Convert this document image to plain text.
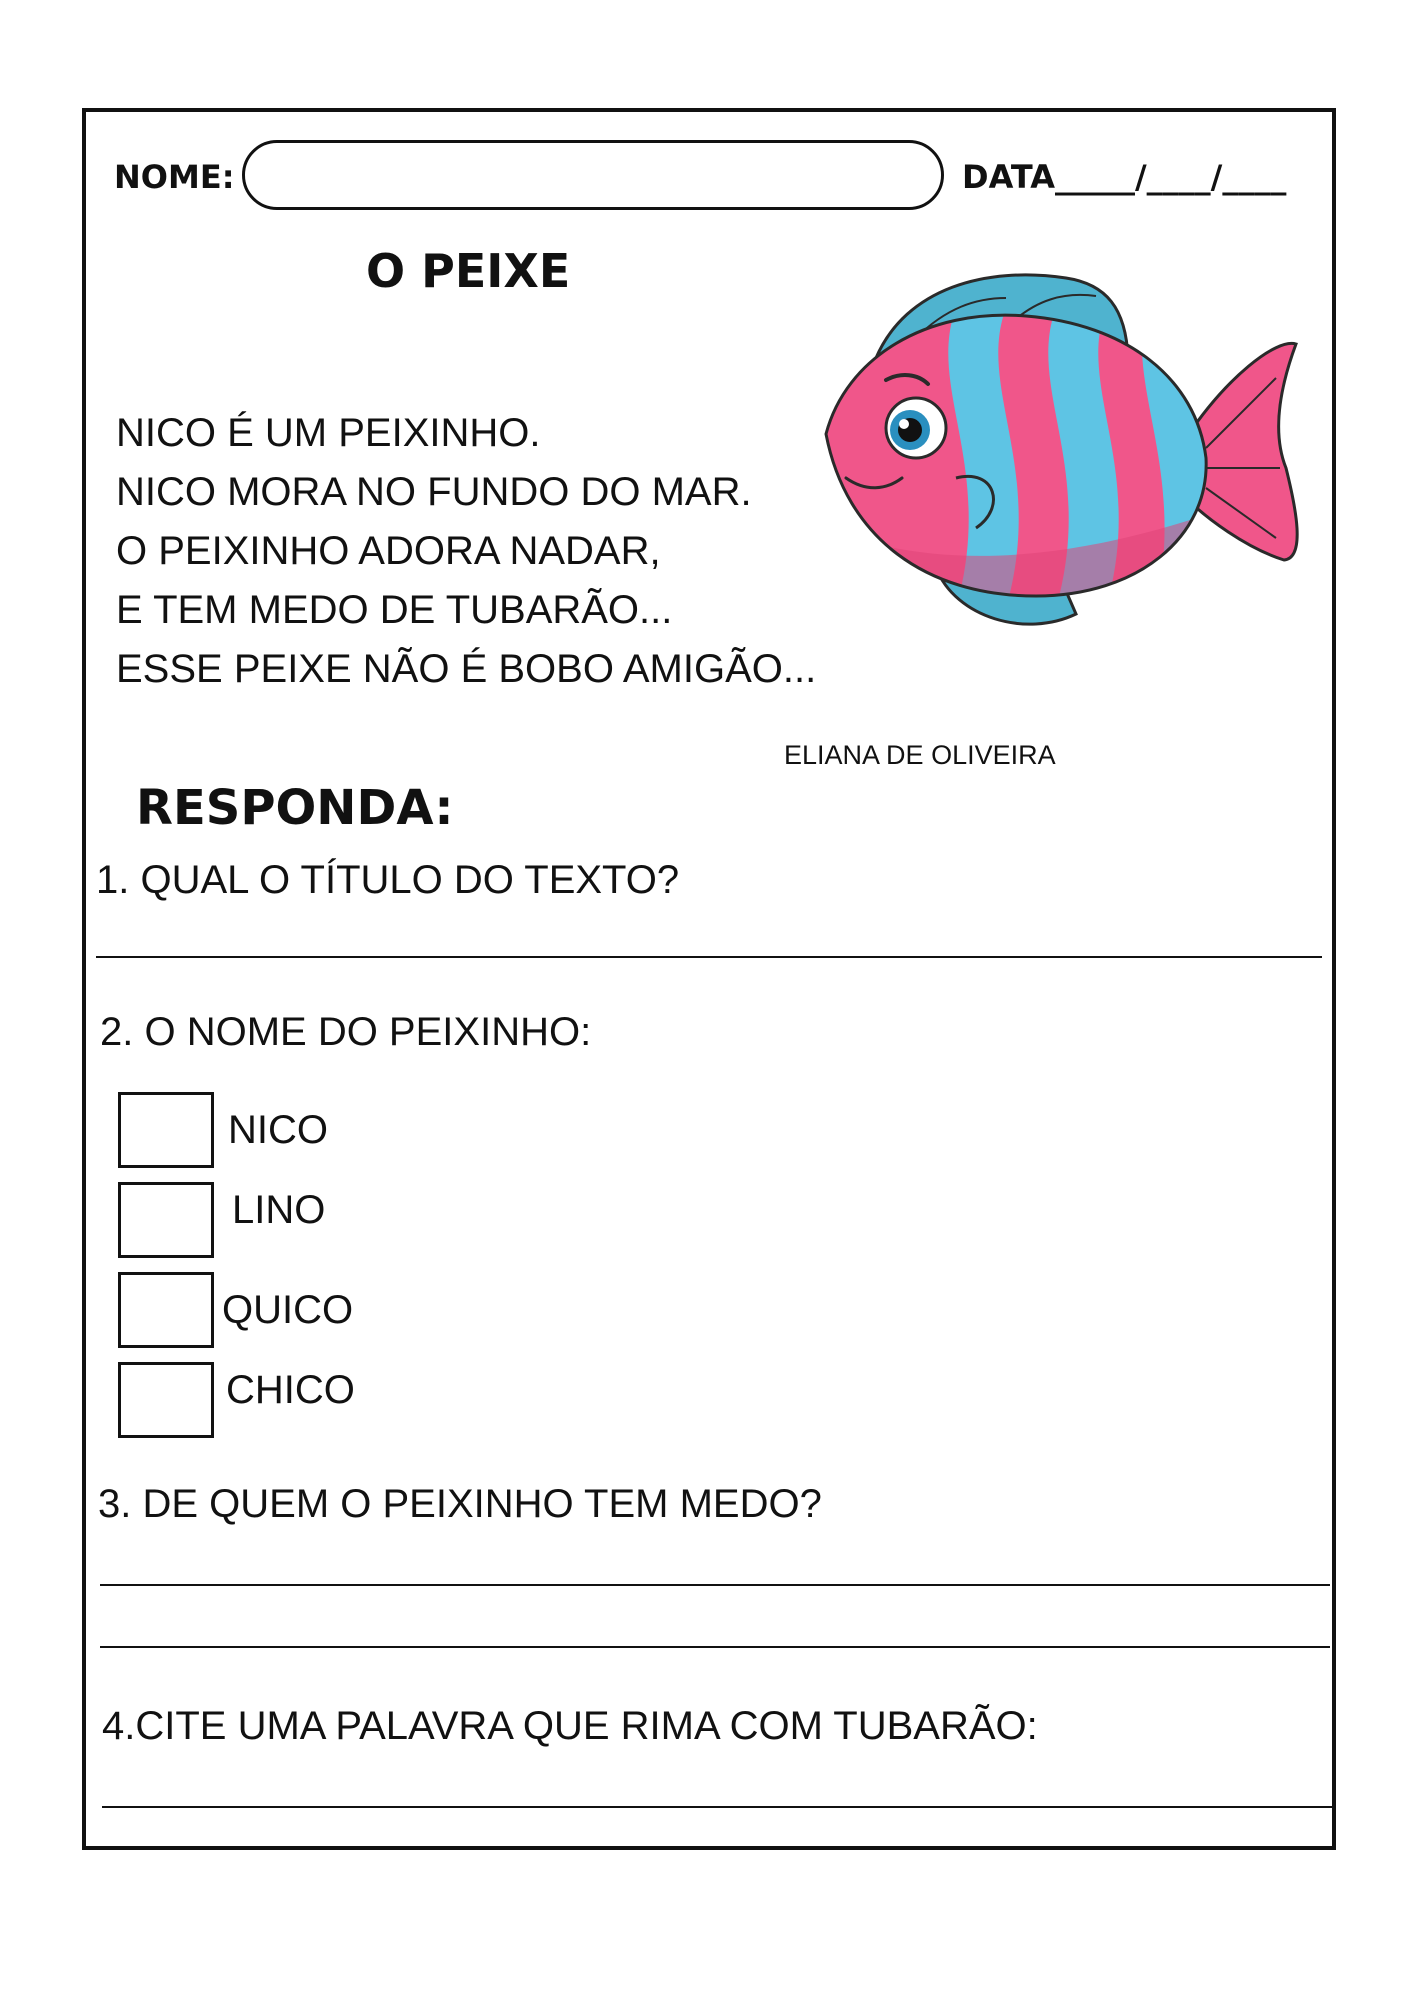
NOME:	DATA_____/____/____
O PEIXE
NICO É UM PEIXINHO.
NICO MORA NO FUNDO DO MAR.
O PEIXINHO ADORA NADAR,
E TEM MEDO DE TUBARÃO...
ESSE PEIXE NÃO É BOBO AMIGÃO...
ELIANA DE OLIVEIRA
RESPONDA:
1. QUAL O TÍTULO DO TEXTO?
2. O NOME DO PEIXINHO:
NICO
LINO
QUICO
CHICO
3. DE QUEM O PEIXINHO TEM MEDO?
4.CITE UMA PALAVRA QUE RIMA COM TUBARÃO:
